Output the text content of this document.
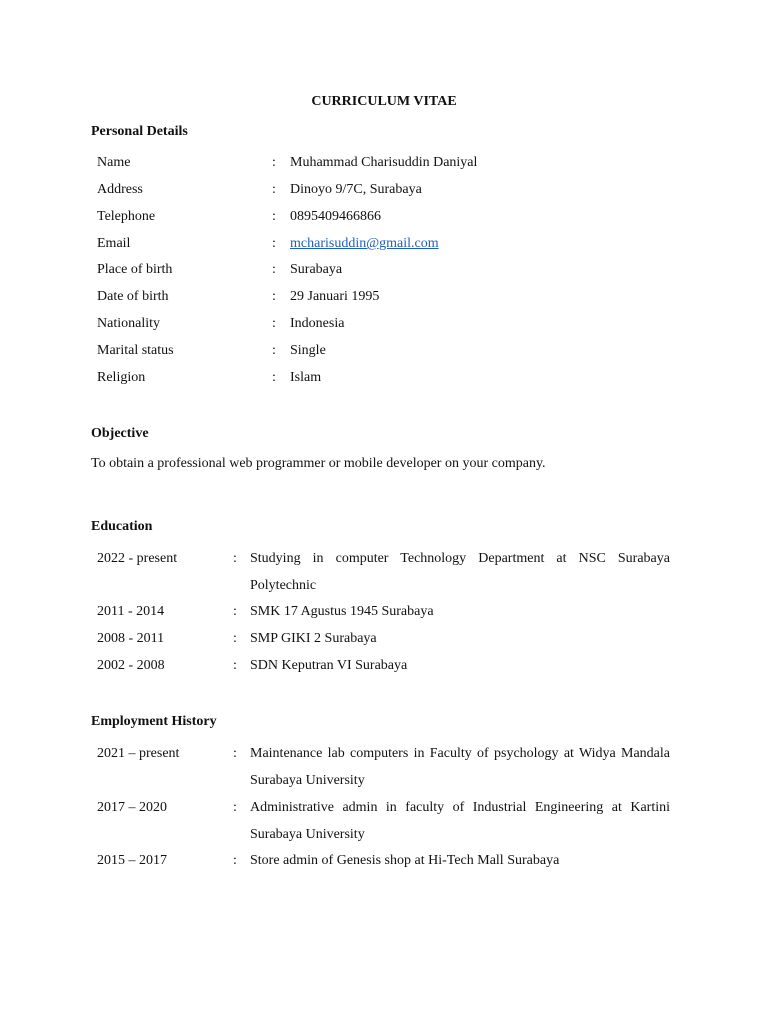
CURRICULUM VITAE
Personal Details
Name	: Muhammad Charisuddin Daniyal
Address	: Dinoyo 9/7C, Surabaya
Telephone	: 0895409466866
Email	: mcharisuddin@gmail.com
Place of birth	: Surabaya
Date of birth	: 29 Januari 1995
Nationality	: Indonesia
Marital status	: Single
Religion	: Islam
Objective
To obtain a professional web programmer or mobile developer on your company.
Education
2022 - present	: Studying in computer Technology Department at NSC Surabaya Polytechnic
2011 - 2014	: SMK 17 Agustus 1945 Surabaya
2008 - 2011	: SMP GIKI 2 Surabaya
2002 - 2008	: SDN Keputran VI Surabaya
Employment History
2021 – present	: Maintenance lab computers in Faculty of psychology at Widya Mandala Surabaya University
2017 – 2020	: Administrative admin in faculty of Industrial Engineering at Kartini Surabaya University
2015 – 2017	: Store admin of Genesis shop at Hi-Tech Mall Surabaya
